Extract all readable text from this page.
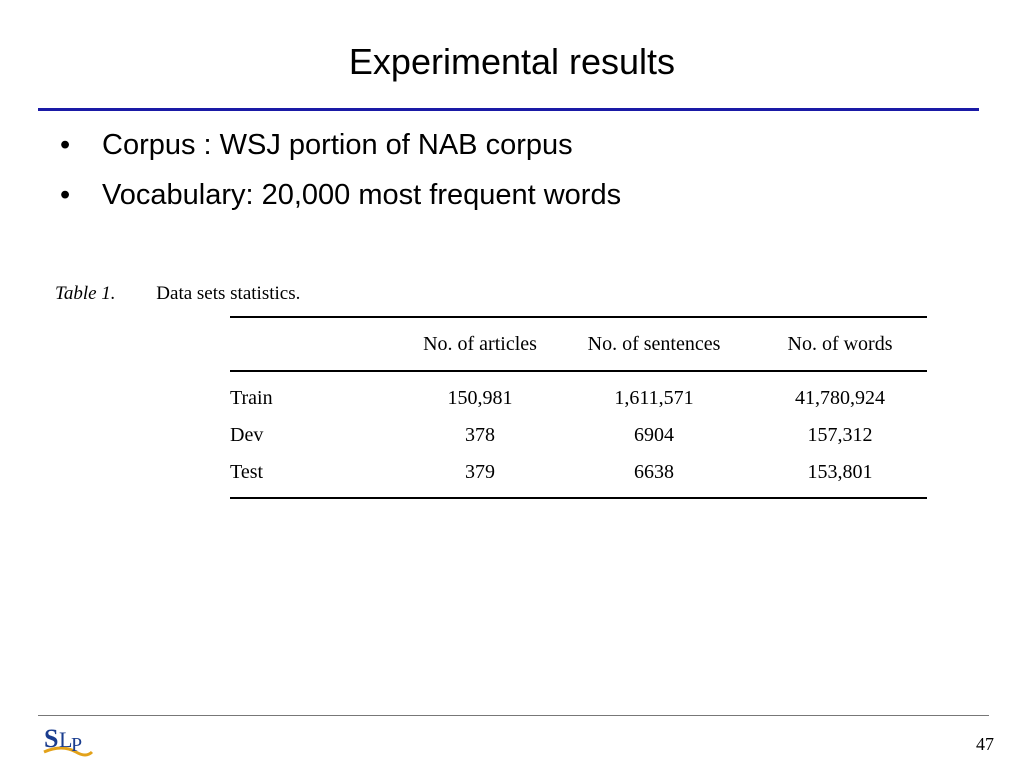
Experimental results
•	Corpus : WSJ portion of NAB corpus
•	Vocabulary: 20,000 most frequent words
Table 1. Data sets statistics.
	No. of articles	No. of sentences	No. of words
Train	150,981	1,611,571	41,780,924
Dev	378	6904	157,312
Test	379	6638	153,801
S L
P	47
